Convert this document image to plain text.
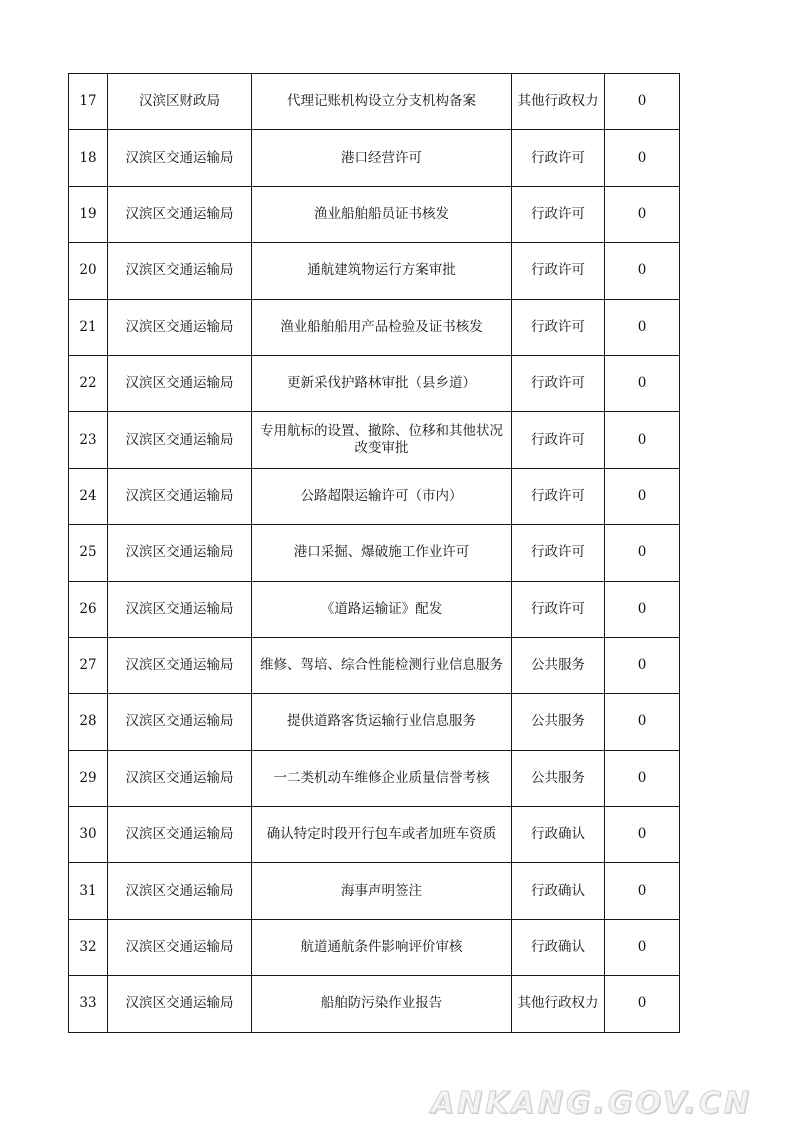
17	汉滨区财政局	代理记账机构设立分支机构备案	其他行政权力	0
18	汉滨区交通运输局	港口经营许可	行政许可	0
19	汉滨区交通运输局	渔业船舶船员证书核发	行政许可	0
20	汉滨区交通运输局	通航建筑物运行方案审批	行政许可	0
21	汉滨区交通运输局	渔业船舶船用产品检验及证书核发	行政许可	0
22	汉滨区交通运输局	更新采伐护路林审批（县乡道）	行政许可	0
23	汉滨区交通运输局	专用航标的设置、撤除、位移和其他状况改变审批	行政许可	0
24	汉滨区交通运输局	公路超限运输许可（市内）	行政许可	0
25	汉滨区交通运输局	港口采掘、爆破施工作业许可	行政许可	0
26	汉滨区交通运输局	《道路运输证》配发	行政许可	0
27	汉滨区交通运输局	维修、驾培、综合性能检测行业信息服务	公共服务	0
28	汉滨区交通运输局	提供道路客货运输行业信息服务	公共服务	0
29	汉滨区交通运输局	一二类机动车维修企业质量信誉考核	公共服务	0
30	汉滨区交通运输局	确认特定时段开行包车或者加班车资质	行政确认	0
31	汉滨区交通运输局	海事声明签注	行政确认	0
32	汉滨区交通运输局	航道通航条件影响评价审核	行政确认	0
33	汉滨区交通运输局	船舶防污染作业报告	其他行政权力	0
ANKANG.GOV.CN
